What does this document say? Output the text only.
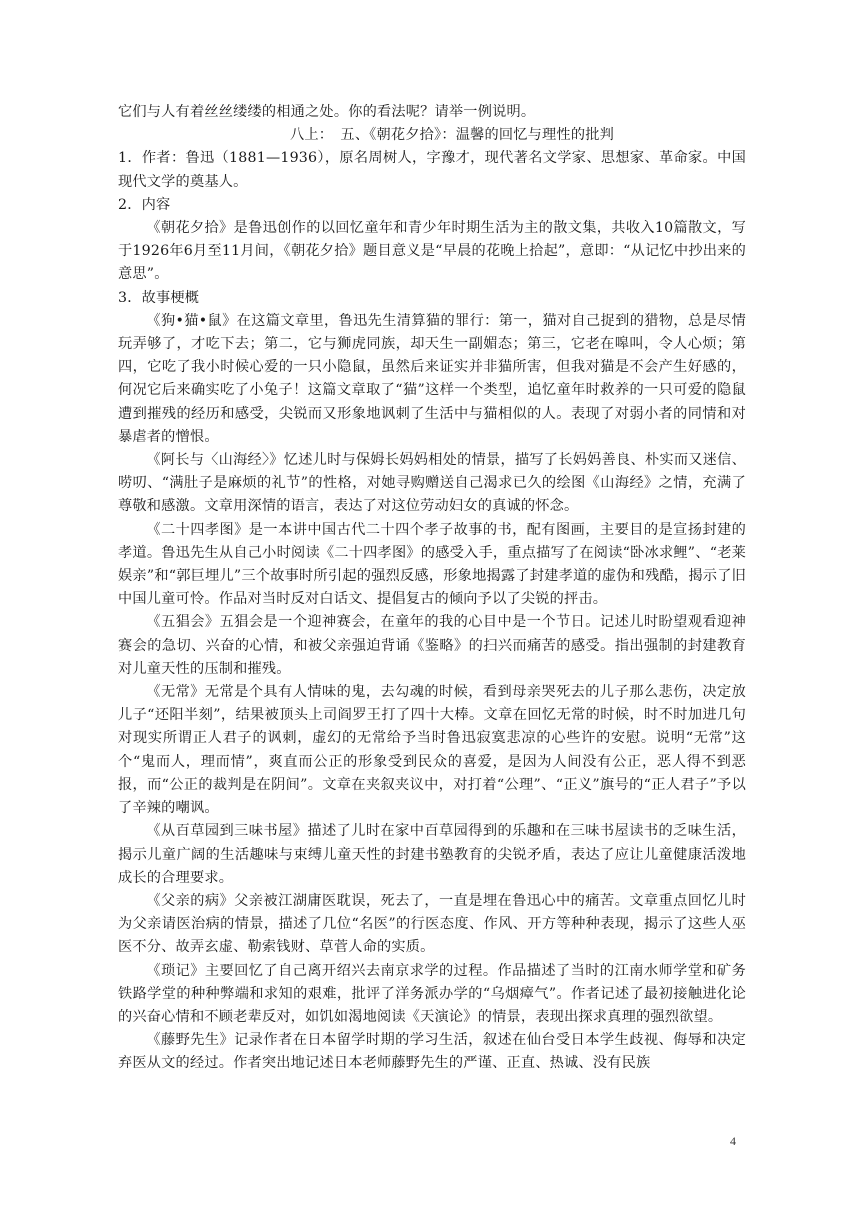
它们与人有着丝丝缕缕的相通之处。你的看法呢？请举一例说明。

八上：　五、《朝花夕拾》：温馨的回忆与理性的批判

1．作者：鲁迅（1881—1936），原名周树人，字豫才，现代著名文学家、思想家、革命家。中国现代文学的奠基人。

2．内容

《朝花夕拾》是鲁迅创作的以回忆童年和青少年时期生活为主的散文集，共收入10篇散文，写于1926年6月至11月间，《朝花夕拾》题目意义是“早晨的花晚上拾起”，意即：“从记忆中抄出来的意思”。

3．故事梗概

《狗•猫•鼠》在这篇文章里，鲁迅先生清算猫的罪行：第一，猫对自己捉到的猎物，总是尽情玩弄够了，才吃下去；第二，它与狮虎同族，却天生一副媚态；第三，它老在嗥叫，令人心烦；第四，它吃了我小时候心爱的一只小隐鼠，虽然后来证实并非猫所害，但我对猫是不会产生好感的，何况它后来确实吃了小兔子！这篇文章取了“猫”这样一个类型，追忆童年时救养的一只可爱的隐鼠遭到摧残的经历和感受，尖锐而又形象地讽刺了生活中与猫相似的人。表现了对弱小者的同情和对暴虐者的憎恨。

《阿长与〈山海经〉》忆述儿时与保姆长妈妈相处的情景，描写了长妈妈善良、朴实而又迷信、唠叨、“满肚子是麻烦的礼节”的性格，对她寻购赠送自己渴求已久的绘图《山海经》之情，充满了尊敬和感激。文章用深情的语言，表达了对这位劳动妇女的真诚的怀念。

《二十四孝图》是一本讲中国古代二十四个孝子故事的书，配有图画，主要目的是宣扬封建的孝道。鲁迅先生从自己小时阅读《二十四孝图》的感受入手，重点描写了在阅读“卧冰求鲤”、“老莱娱亲”和“郭巨埋儿”三个故事时所引起的强烈反感，形象地揭露了封建孝道的虚伪和残酷，揭示了旧中国儿童可怜。作品对当时反对白话文、提倡复古的倾向予以了尖锐的抨击。

《五猖会》五猖会是一个迎神赛会，在童年的我的心目中是一个节日。记述儿时盼望观看迎神赛会的急切、兴奋的心情，和被父亲强迫背诵《鉴略》的扫兴而痛苦的感受。指出强制的封建教育对儿童天性的压制和摧残。

《无常》无常是个具有人情味的鬼，去勾魂的时候，看到母亲哭死去的儿子那么悲伤，决定放儿子“还阳半刻”，结果被顶头上司阎罗王打了四十大棒。文章在回忆无常的时候，时不时加进几句对现实所谓正人君子的讽刺，虚幻的无常给予当时鲁迅寂寞悲凉的心些许的安慰。说明“无常”这个“鬼而人，理而情”，爽直而公正的形象受到民众的喜爱，是因为人间没有公正，恶人得不到恶报，而“公正的裁判是在阴间”。文章在夹叙夹议中，对打着“公理”、“正义”旗号的“正人君子”予以了辛辣的嘲讽。

《从百草园到三味书屋》描述了儿时在家中百草园得到的乐趣和在三味书屋读书的乏味生活，揭示儿童广阔的生活趣味与束缚儿童天性的封建书塾教育的尖锐矛盾，表达了应让儿童健康活泼地成长的合理要求。

《父亲的病》父亲被江湖庸医耽误，死去了，一直是埋在鲁迅心中的痛苦。文章重点回忆儿时为父亲请医治病的情景，描述了几位“名医”的行医态度、作风、开方等种种表现，揭示了这些人巫医不分、故弄玄虚、勒索钱财、草菅人命的实质。

《琐记》主要回忆了自己离开绍兴去南京求学的过程。作品描述了当时的江南水师学堂和矿务铁路学堂的种种弊端和求知的艰难，批评了洋务派办学的“乌烟瘴气”。作者记述了最初接触进化论的兴奋心情和不顾老辈反对，如饥如渴地阅读《天演论》的情景，表现出探求真理的强烈欲望。

《藤野先生》记录作者在日本留学时期的学习生活，叙述在仙台受日本学生歧视、侮辱和决定弃医从文的经过。作者突出地记述日本老师藤野先生的严谨、正直、热诚、没有民族

4
